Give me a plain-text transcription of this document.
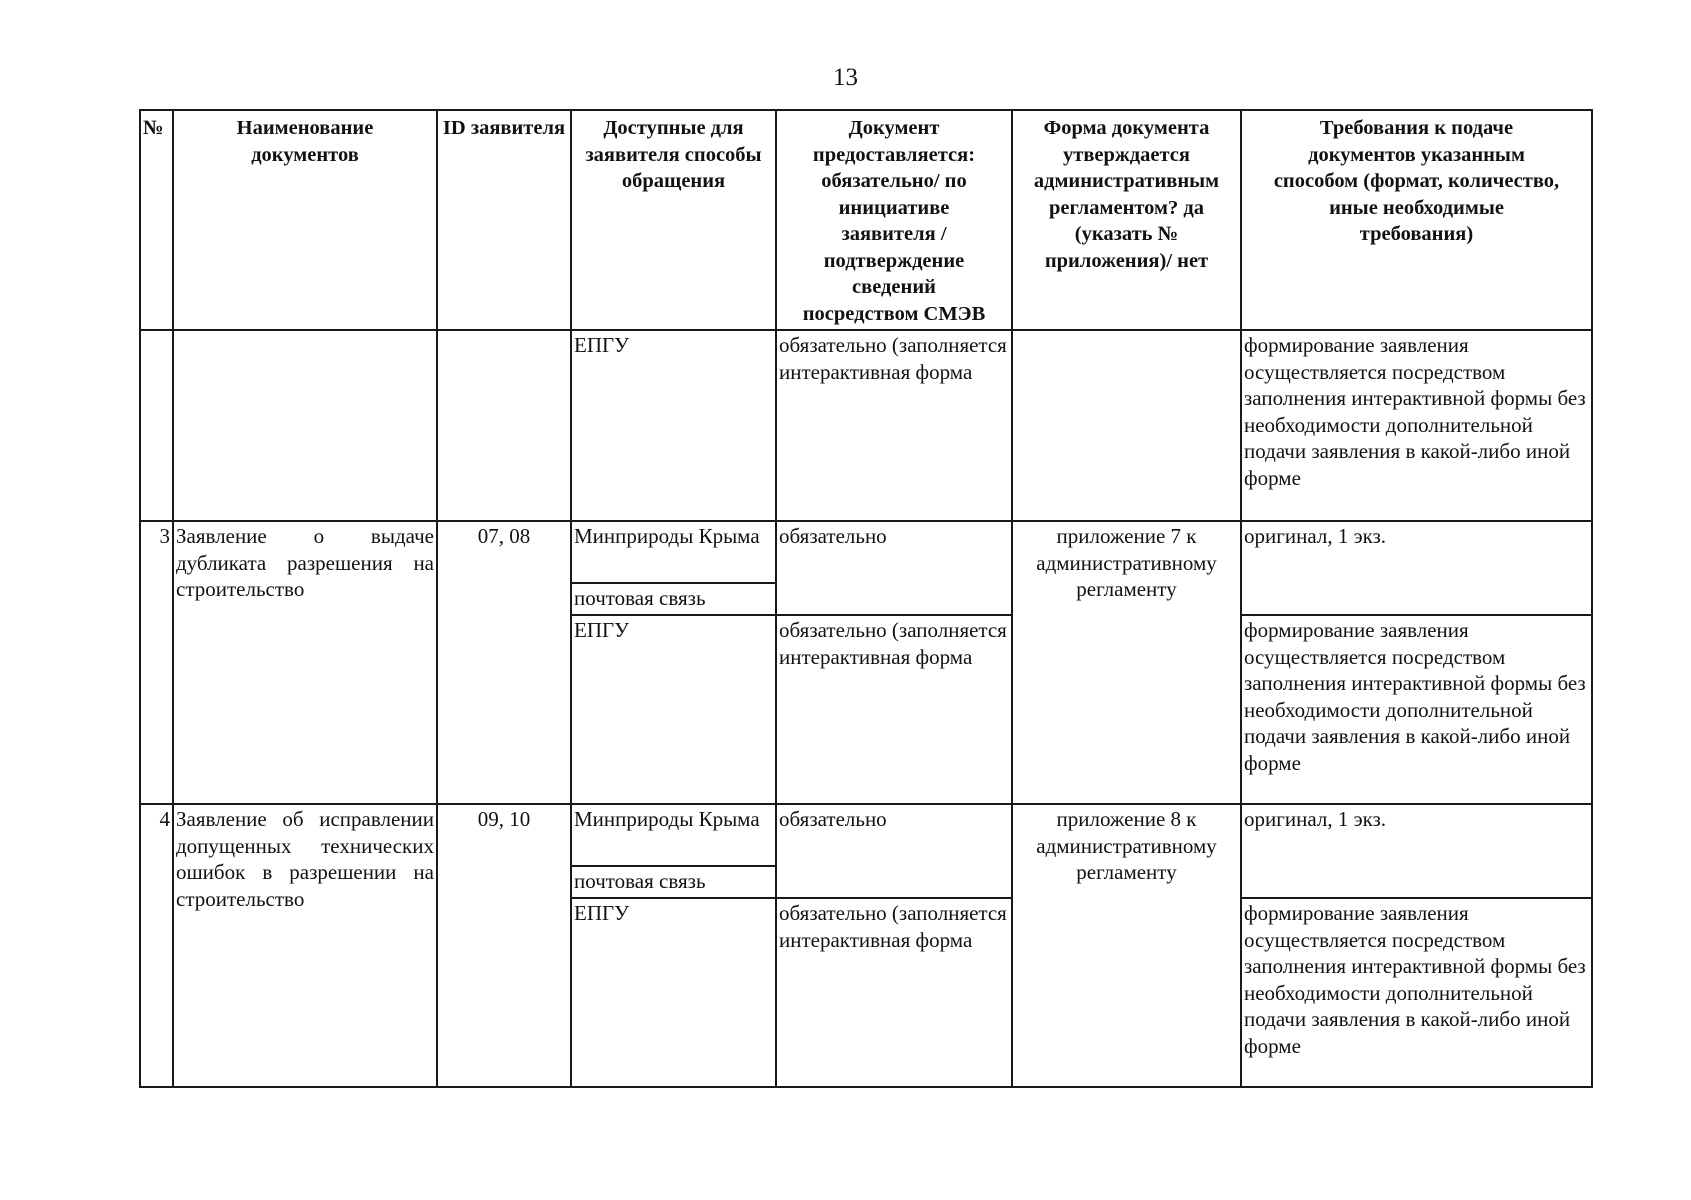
13
№	Наименование документов	ID заявителя	Доступные для заявителя способы обращения	Документ предоставляется: обязательно/ по инициативе заявителя /подтверждение сведений посредством СМЭВ	Форма документа утверждается административным регламентом? да (указать № приложения)/ нет	Требования к подаче документов указанным способом (формат, количество, иные необходимые требования)
			ЕПГУ	обязательно (заполняется интерактивная форма		формирование заявления осуществляется посредством заполнения интерактивной формы без необходимости дополнительной подачи заявления в какой-либо иной форме
3	Заявление о выдаче дубликата разрешения на строительство	07, 08	Минприроды Крыма	обязательно	приложение 7 к административному регламенту	оригинал, 1 экз.
			почтовая связь			
			ЕПГУ	обязательно (заполняется интерактивная форма		формирование заявления осуществляется посредством заполнения интерактивной формы без необходимости дополнительной подачи заявления в какой-либо иной форме
4	Заявление об исправлении допущенных технических ошибок в разрешении на строительство	09, 10	Минприроды Крыма	обязательно	приложение 8 к административному регламенту	оригинал, 1 экз.
			почтовая связь			
			ЕПГУ	обязательно (заполняется интерактивная форма		формирование заявления осуществляется посредством заполнения интерактивной формы без необходимости дополнительной подачи заявления в какой-либо иной форме
